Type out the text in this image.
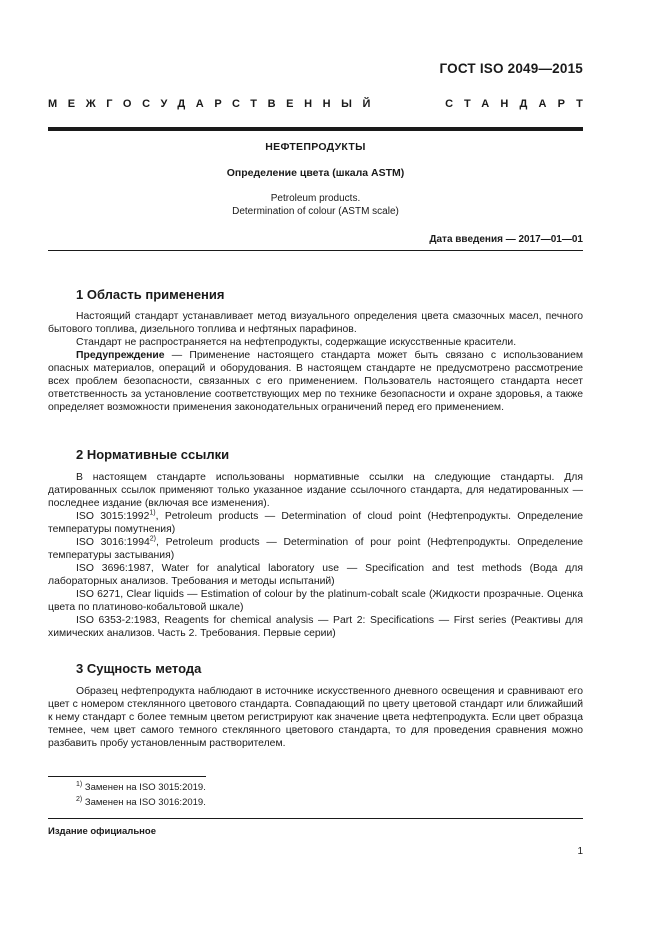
ГОСТ ISO 2049—2015
МЕЖГОСУДАРСТВЕННЫЙ	СТАНДАРТ
НЕФТЕПРОДУКТЫ
Определение цвета (шкала ASTM)
Petroleum products.
Determination of colour (ASTM scale)
Дата введения — 2017—01—01
1 Область применения

Настоящий стандарт устанавливает метод визуального определения цвета смазочных масел, печного бытового топлива, дизельного топлива и нефтяных парафинов.

Стандарт не распространяется на нефтепродукты, содержащие искусственные красители.

Предупреждение — Применение настоящего стандарта может быть связано с использованием опасных материалов, операций и оборудования. В настоящем стандарте не предусмотрено рассмотрение всех проблем безопасности, связанных с его применением. Пользователь настоящего стандарта несет ответственность за установление соответствующих мер по технике безопасности и охране здоровья, а также определяет возможности применения законодательных ограничений перед его применением.

2 Нормативные ссылки

В настоящем стандарте использованы нормативные ссылки на следующие стандарты. Для датированных ссылок применяют только указанное издание ссылочного стандарта, для недатированных — последнее издание (включая все изменения).

ISO 3015:1992$^{1)}$, Petroleum products — Determination of cloud point (Нефтепродукты. Определение температуры помутнения)

ISO 3016:1994$^{2)}$, Petroleum products — Determination of pour point (Нефтепродукты. Определение температуры застывания)

ISO 3696:1987, Water for analytical laboratory use — Specification and test methods (Вода для лабораторных анализов. Требования и методы испытаний)

ISO 6271, Clear liquids — Estimation of colour by the platinum-cobalt scale (Жидкости прозрачные. Оценка цвета по платиново-кобальтовой шкале)

ISO 6353-2:1983, Reagents for chemical analysis — Part 2: Specifications — First series (Реактивы для химических анализов. Часть 2. Требования. Первые серии)

3 Сущность метода

Образец нефтепродукта наблюдают в источнике искусственного дневного освещения и сравнивают его цвет с номером стеклянного цветового стандарта. Совпадающий по цвету цветовой стандарт или ближайший к нему стандарт с более темным цветом регистрируют как значение цвета нефтепродукта. Если цвет образца темнее, чем цвет самого темного стеклянного цветового стандарта, то для проведения сравнения можно разбавить пробу установленным растворителем.

$^{1)}$ Заменен на ISO 3015:2019.
$^{2)}$ Заменен на ISO 3016:2019.
Издание официальное
1
